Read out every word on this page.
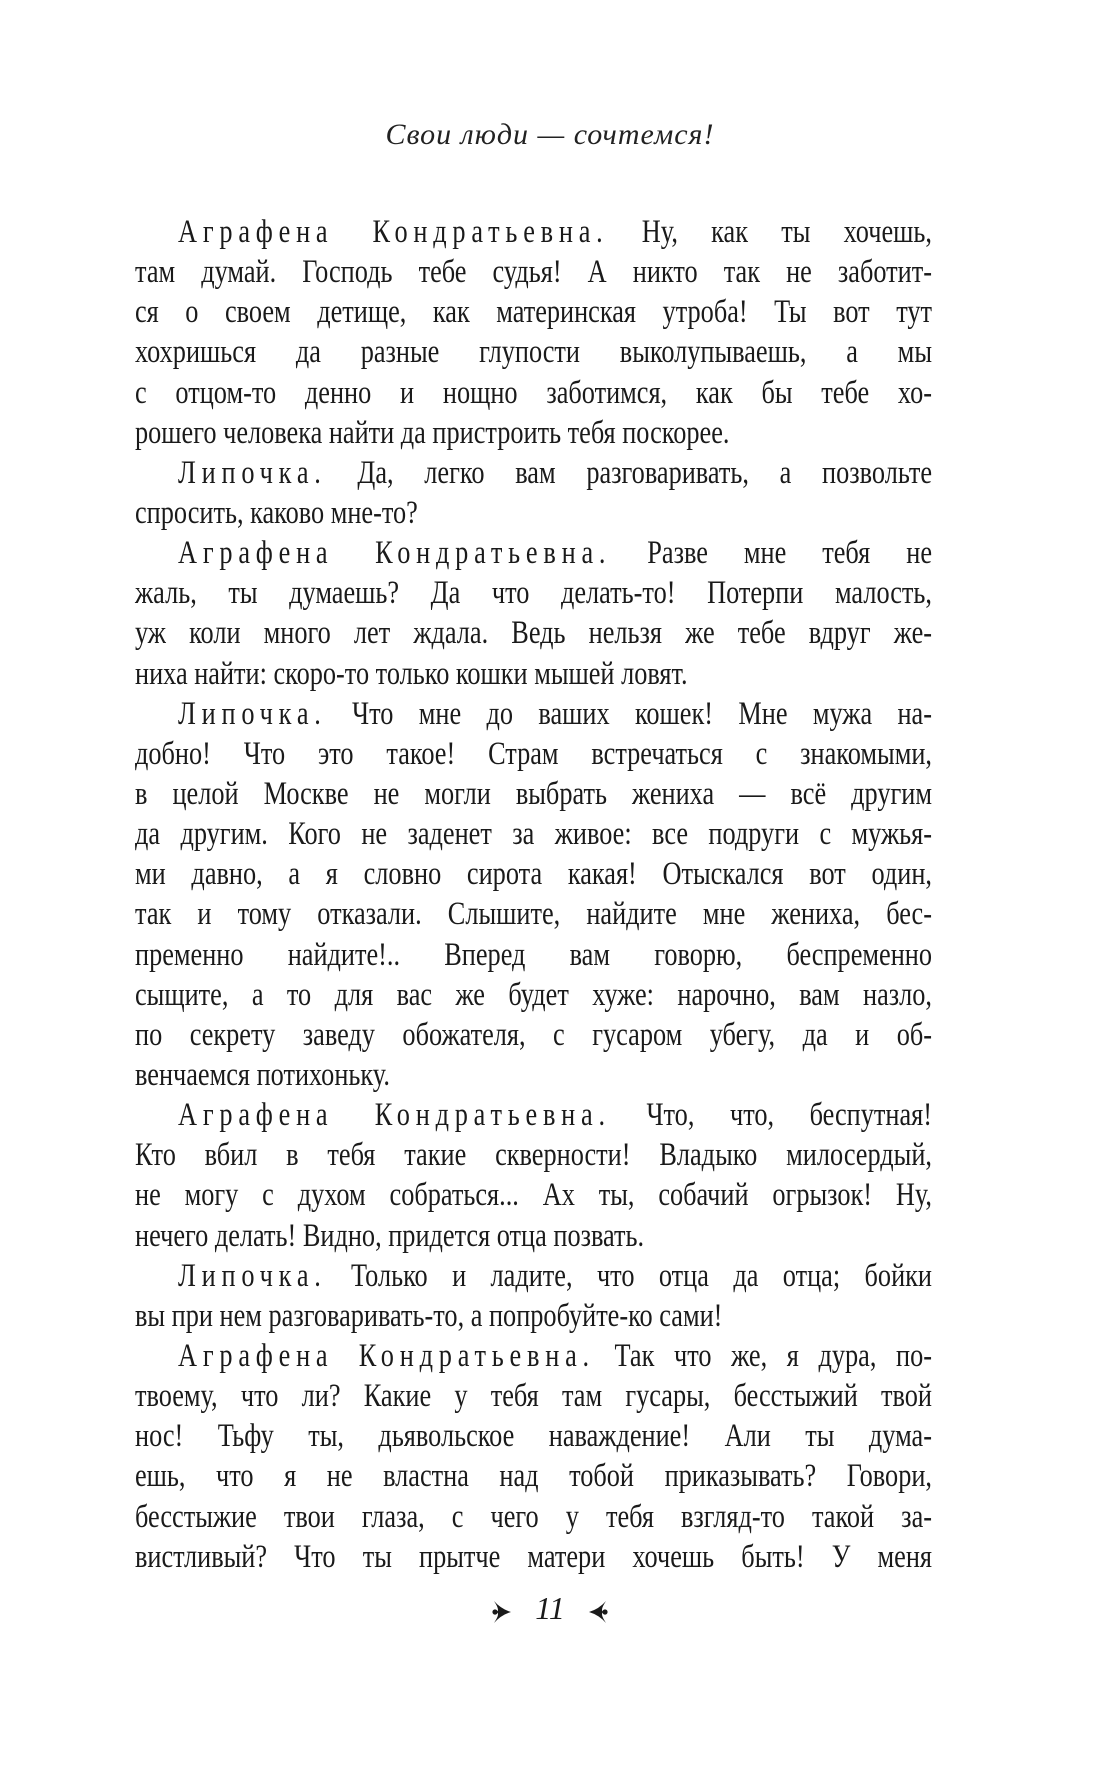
Свои люди — сочтемся!
Аграфена Кондратьевна. Ну, как ты хочешь,
там думай. Господь тебе судья! А никто так не заботит-
ся о своем детище, как материнская утроба! Ты вот тут
хохришься да разные глупости выколупываешь, а мы
с отцом-то денно и нощно заботимся, как бы тебе хо-
рошего человека найти да пристроить тебя поскорее.
Липочка. Да, легко вам разговаривать, а позвольте
спросить, каково мне-то?
Аграфена Кондратьевна. Разве мне тебя не
жаль, ты думаешь? Да что делать-то! Потерпи малость,
уж коли много лет ждала. Ведь нельзя же тебе вдруг же-
ниха найти: скоро-то только кошки мышей ловят.
Липочка. Что мне до ваших кошек! Мне мужа на-
добно! Что это такое! Страм встречаться с знакомыми,
в целой Москве не могли выбрать жениха — всё другим
да другим. Кого не заденет за живое: все подруги с мужья-
ми давно, а я словно сирота какая! Отыскался вот один,
так и тому отказали. Слышите, найдите мне жениха, бес-
пременно найдите!.. Вперед вам говорю, беспременно
сыщите, а то для вас же будет хуже: нарочно, вам назло,
по секрету заведу обожателя, с гусаром убегу, да и об-
венчаемся потихоньку.
Аграфена Кондратьевна. Что, что, беспутная!
Кто вбил в тебя такие скверности! Владыко милосердый,
не могу с духом собраться... Ах ты, собачий огрызок! Ну,
нечего делать! Видно, придется отца позвать.
Липочка. Только и ладите, что отца да отца; бойки
вы при нем разговаривать-то, а попробуйте-ко сами!
Аграфена Кондратьевна. Так что же, я дура, по-
твоему, что ли? Какие у тебя там гусары, бесстыжий твой
нос! Тьфу ты, дьявольское наваждение! Али ты дума-
ешь, что я не властна над тобой приказывать? Говори,
бесстыжие твои глаза, с чего у тебя взгляд-то такой за-
вистливый? Что ты прытче матери хочешь быть! У меня
11
